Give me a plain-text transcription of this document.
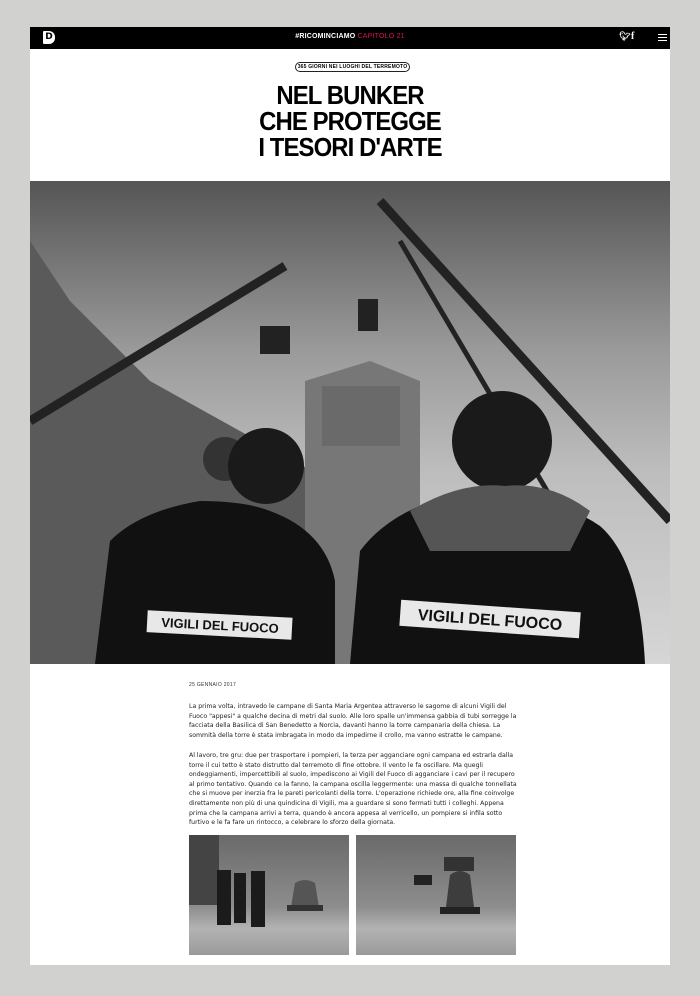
D	#RICOMINCIAMO CAPITOLO 21	🐦︎ f
365 GIORNI NEI LUOGHI DEL TERREMOTO
NEL BUNKER
CHE PROTEGGE
I TESORI D'ARTE
VIGILI DEL FUOCO	VIGILI DEL FUOCO
25 GENNAIO 2017

La prima volta, intravedo le campane di Santa Maria Argentea attraverso le sagome di alcuni Vigili del Fuoco "appesi" a qualche decina di metri dal suolo. Alle loro spalle un'immensa gabbia di tubi sorregge la facciata della Basilica di San Benedetto a Norcia, davanti hanno la torre campanaria della chiesa. La sommità della torre è stata imbragata in modo da impedirne il crollo, ma vanno estratte le campane.

Al lavoro, tre gru: due per trasportare i pompieri, la terza per agganciare ogni campana ed estrarla dalla torre il cui tetto è stato distrutto dal terremoto di fine ottobre. Il vento le fa oscillare. Ma quegli ondeggiamenti, impercettibili al suolo, impediscono ai Vigili del Fuoco di agganciare i cavi per il recupero al primo tentativo. Quando ce la fanno, la campana oscilla leggermente: una massa di qualche tonnellata che si muove per inerzia fra le pareti pericolanti della torre. L'operazione richiede ore, alla fine coinvolge direttamente non più di una quindicina di Vigili, ma a guardare si sono fermati tutti i colleghi. Appena prima che la campana arrivi a terra, quando è ancora appesa al verricello, un pompiere si infila sotto furtivo e le fa fare un rintocco, a celebrare lo sforzo della giornata.
